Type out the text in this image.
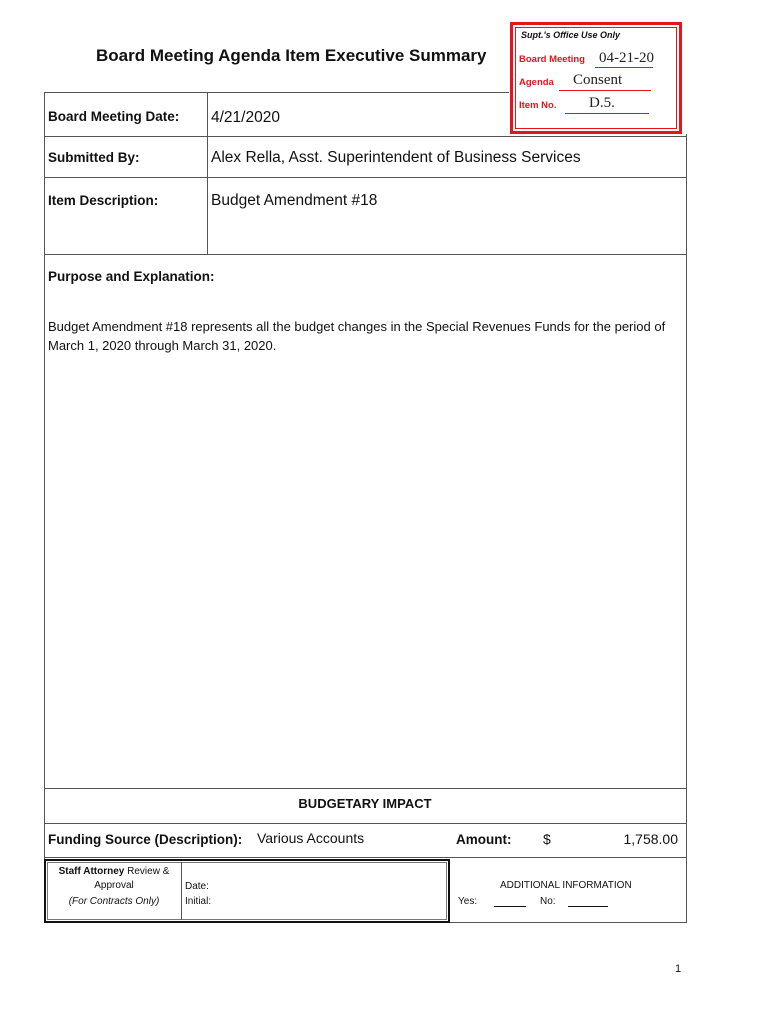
Board Meeting Agenda Item Executive Summary
Supt.'s Office Use Only
Board Meeting 04-21-20
Agenda Consent
Item No. D.5.
Board Meeting Date: 4/21/2020
Submitted By:	Alex Rella, Asst. Superintendent of Business Services
Item Description:	Budget Amendment #18
Purpose and Explanation:
Budget Amendment #18 represents all the budget changes in the Special Revenues Funds for the period of March 1, 2020 through March 31, 2020.
BUDGETARY IMPACT
Funding Source (Description): Various Accounts	Amount: $	1,758.00
Staff Attorney Review &
Approval
(For Contracts Only)
Date:
Initial:
ADDITIONAL INFORMATION
Yes:	No:
1
